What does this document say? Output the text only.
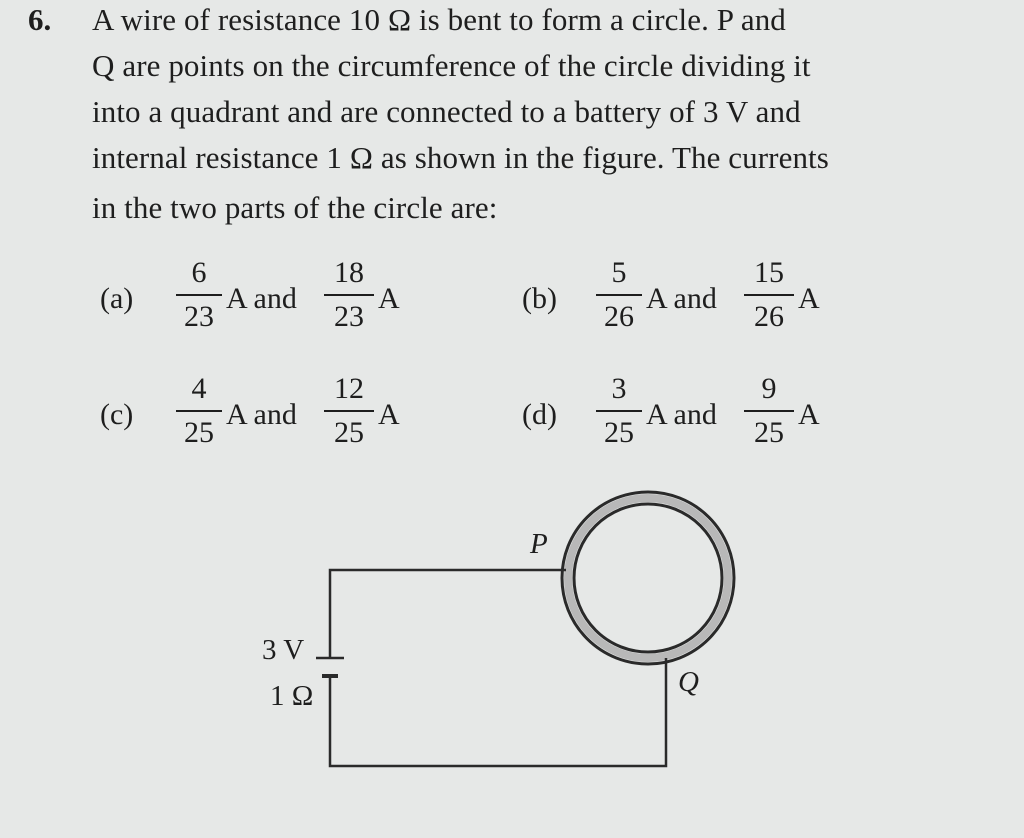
6. A wire of resistance 10 Ω is bent to form a circle. P and
Q are points on the circumference of the circle dividing it
into a quadrant and are connected to a battery of 3 V and
internal resistance 1 Ω as shown in the figure. The currents
in the two parts of the circle are:
(a)
6
23
A and
18
23
A	(b)
5
26
A and
15
26
A
(c)
4
25
A and
12
25
A	(d)
3
25
A and
9
25
A
P
Q
3 V
1 Ω
